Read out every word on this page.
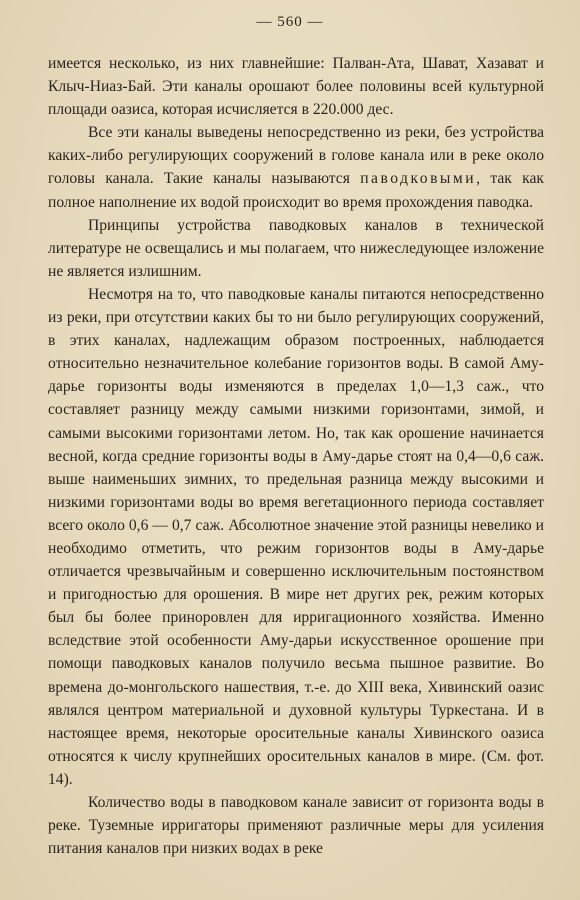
— 560 —

имеется несколько, из них главнейшие: Палван-Ата, Шават, Хазават и Клыч-Ниаз-Бай. Эти каналы орошают более половины всей культурной площади оазиса, которая исчисляется в 220.000 дес.

Все эти каналы выведены непосредственно из реки, без устройства каких-либо регулирующих сооружений в голове канала или в реке около головы канала. Такие каналы называются паводковыми, так как полное наполнение их водой происходит во время прохождения паводка.

Принципы устройства паводковых каналов в технической литературе не освещались и мы полагаем, что нижеследующее изложение не является излишним.

Несмотря на то, что паводковые каналы питаются непосредственно из реки, при отсутствии каких бы то ни было регулирующих сооружений, в этих каналах, надлежащим образом построенных, наблюдается относительно незначительное колебание горизонтов воды. В самой Аму-дарье горизонты воды изменяются в пределах 1,0—1,3 саж., что составляет разницу между самыми низкими горизонтами, зимой, и самыми высокими горизонтами летом. Но, так как орошение начинается весной, когда средние горизонты воды в Аму-дарье стоят на 0,4—0,6 саж. выше наименьших зимних, то предельная разница между высокими и низкими горизонтами воды во время вегетационного периода составляет всего около 0,6 — 0,7 саж. Абсолютное значение этой разницы невелико и необходимо отметить, что режим горизонтов воды в Аму-дарье отличается чрезвычайным и совершенно исключительным постоянством и пригодностью для орошения. В мире нет других рек, режим которых был бы более приноровлен для ирригационного хозяйства. Именно вследствие этой особенности Аму-дарьи искусственное орошение при помощи паводковых каналов получило весьма пышное развитие. Во времена до-монгольского нашествия, т.-е. до XIII века, Хивинский оазис являлся центром материальной и духовной культуры Туркестана. И в настоящее время, некоторые оросительные каналы Хивинского оазиса относятся к числу крупнейших оросительных каналов в мире. (См. фот. 14).

Количество воды в паводковом канале зависит от горизонта воды в реке. Туземные ирригаторы применяют различные меры для усиления питания каналов при низких водах в реке
